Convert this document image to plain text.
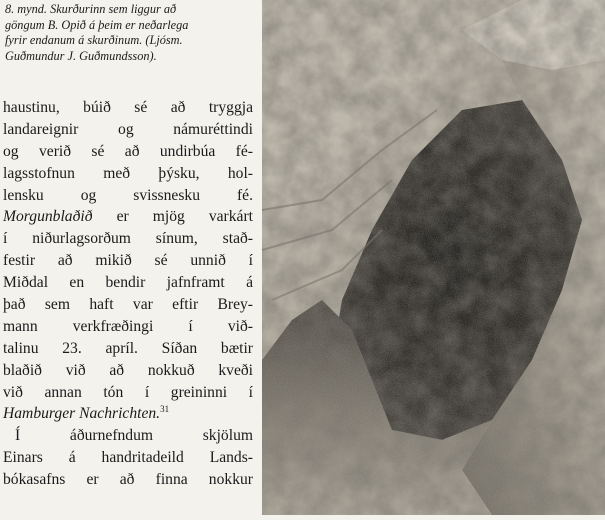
8. mynd. Skurðurinn sem liggur að
göngum B. Opið á þeim er neðarlega
fyrir endanum á skurðinum. (Ljósm.
Guðmundur J. Guðmundsson).
haustinu, búið sé að tryggja
landareignir og námuréttindi
og verið sé að undirbúa fé-
lagsstofnun með þýsku, hol-
lensku og svissnesku fé.
Morgunblaðið er mjög varkárt
í niðurlagsorðum sínum, stað-
festir að mikið sé unnið í
Miðdal en bendir jafnframt á
það sem haft var eftir Brey-
mann verkfræðingi í við-
talinu 23. apríl. Síðan bætir
blaðið við að nokkuð kveði
við annan tón í greininni í
Hamburger Nachrichten.$^{31}$
Í áðurnefndum skjölum
Einars á handritadeild Lands-
bókasafns er að finna nokkur
